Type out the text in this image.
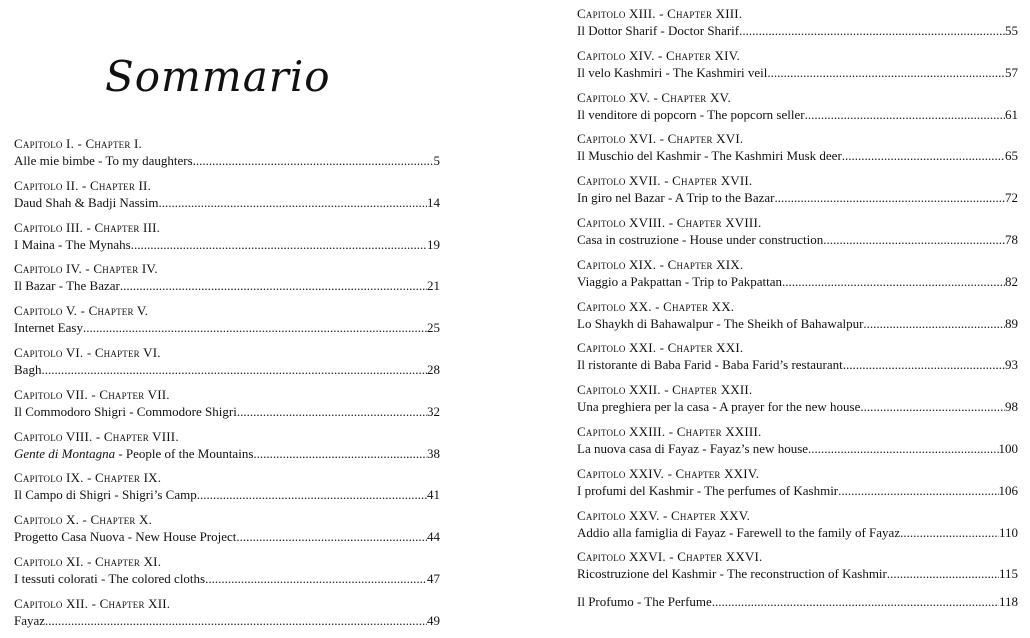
Sommario
Capitolo I. - Chapter I.
Alle mie bimbe - To my daughters .....	5
Capitolo II. - Chapter II.
Daud Shah & Badji Nassim .....	14
Capitolo III. - Chapter III.
I Maina - The Mynahs .....	19
Capitolo IV. - Chapter IV.
Il Bazar - The Bazar .....	21
Capitolo V. - Chapter V.
Internet Easy .....	25
Capitolo VI. - Chapter VI.
Bagh .....	28
Capitolo VII. - Chapter VII.
Il Commodoro Shigri - Commodore Shigri .....	32
Capitolo VIII. - Chapter VIII.
Gente di Montagna - People of the Mountains .....	38
Capitolo IX. - Chapter IX.
Il Campo di Shigri - Shigri’s Camp .....	41
Capitolo X. - Chapter X.
Progetto Casa Nuova - New House Project .....	44
Capitolo XI. - Chapter XI.
I tessuti colorati - The colored cloths .....	47
Capitolo XII. - Chapter XII.
Fayaz .....	49
Capitolo XIII. - Chapter XIII.
Il Dottor Sharif - Doctor Sharif .....	55
Capitolo XIV. - Chapter XIV.
Il velo Kashmiri - The Kashmiri veil .....	57
Capitolo XV. - Chapter XV.
Il venditore di popcorn - The popcorn seller .....	61
Capitolo XVI. - Chapter XVI.
Il Muschio del Kashmir - The Kashmiri Musk deer .....	65
Capitolo XVII. - Chapter XVII.
In giro nel Bazar - A Trip to the Bazar .....	72
Capitolo XVIII. - Chapter XVIII.
Casa in costruzione - House under construction .....	78
Capitolo XIX. - Chapter XIX.
Viaggio a Pakpattan - Trip to Pakpattan .....	82
Capitolo XX. - Chapter XX.
Lo Shaykh di Bahawalpur - The Sheikh of Bahawalpur .....	89
Capitolo XXI. - Chapter XXI.
Il ristorante di Baba Farid - Baba Farid’s restaurant .....	93
Capitolo XXII. - Chapter XXII.
Una preghiera per la casa - A prayer for the new house .....	98
Capitolo XXIII. - Chapter XXIII.
La nuova casa di Fayaz - Fayaz’s new house .....	100
Capitolo XXIV. - Chapter XXIV.
I profumi del Kashmir - The perfumes of Kashmir .....	106
Capitolo XXV. - Chapter XXV.
Addio alla famiglia di Fayaz - Farewell to the family of Fayaz .....	110
Capitolo XXVI. - Chapter XXVI.
Ricostruzione del Kashmir - The reconstruction of Kashmir .....	115
Il Profumo - The Perfume .....	118
